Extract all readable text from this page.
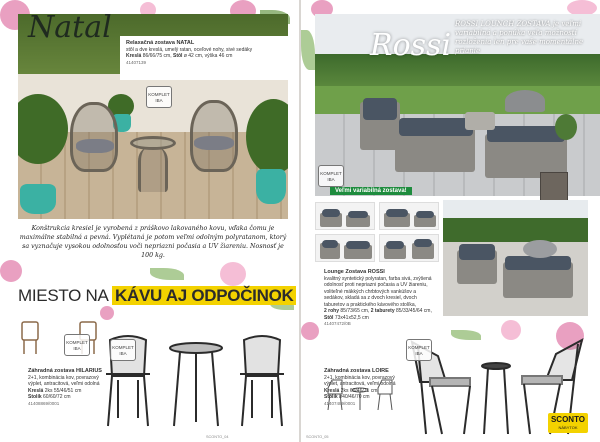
Natal	Relaxačná zostava NATAL
stôl a dve kreslá, umelý ratan, oceľové nohy, sivé sedáky
Kreslá 86/66/75 cm, Stôl ø 42 cm, výška 46 cm
41407139
KOMPLET IBA
Konštrukcia kresiel je vyrobená z práškovo lakovaného kovu, vďaka čomu je maximálne stabilná a pevná. Vyplétaná je potom veľmi odolným polyratanom, ktorý sa vyznačuje vysokou odolnosťou voči nepriazni počasia a UV žiareniu. Nosnosť je 100 kg.
MIESTO NA KÁVU AJ ODPOČINOK
KOMPLET IBA	KOMPLET IBA
Záhradná zostava HILARIUS
2+1, kombinácia kov, povrazový výplet, antracitová, veľmi odolná
Kreslá 2ks 55/46/51 cm
Stolík 60/60/72 cm
41408869/0001
SCONTO_04
Rossi
ROSSI LOUNCH ZOSTAVA je veľmi variabilná a ponúka veľa možností rozloženia len pre vaše momentálne prianie
KOMPLET IBA
Veľmi variabilná zostava!
Lounge Zostava ROSSI
kvalitný syntetický polyratan, farba sivá, zvýšená odolnosť proti nepriazni počasia a UV žiareniu, voliteľné mäkkých chrbtových vankúšov a sedákov, skladá sa z dvoch kresiel, dvoch taburetov a praktického kávového stolíka,
2 rohy 85/73/65 cm, 2 taburety 85/33/45/64 cm,
Stôl 73x41x52,5 cm
41407472/0B
KOMPLET IBA
Záhradná zostava LOIRE
2+1, kombinácia kov, povrazový výplet, antracitová, veľmi odolná
Kreslá 2ks 60/46/71 cm
Stolík ø40/46/70 cm
41407489/0001
SCONTO_05
SCONTO
NÁBYTOK
